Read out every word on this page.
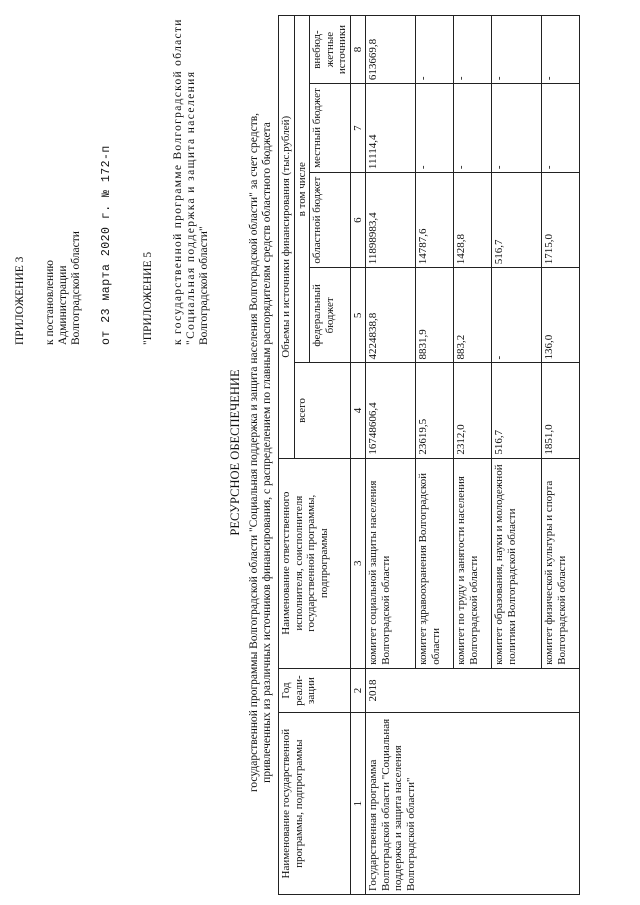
ПРИЛОЖЕНИЕ 3 к постановлению Администрации Волгоградской области от 23 марта 2020 г. № 172-п	"ПРИЛОЖЕНИЕ 5 к государственной программе Волгоградской области "Социальная поддержка и защита населения Волгоградской области"
РЕСУРСНОЕ ОБЕСПЕЧЕНИЕ государственной программы Волгоградской области "Социальная поддержка и защита населения Волгоградской области" за счет средств, привлеченных из различных источников финансирования, с распределением по главным распорядителям средств областного бюджета
Наименование государственной программы, подпрограммы	Год реали- зации	Наименование ответственного исполнителя, соисполнителя государственной программы, подпрограммы	Объемы и источники финансирования (тыс.рублей)				
			всего	в том числе			
				федеральный бюджет	областной бюджет	местный бюджет	внебюд- жетные источники
1	2	3	4	5	6	7	8
Государственная программа Волгоградской области "Социальная поддержка и защита населения Волгоградской области"	2018	комитет социальной защиты населения Волгоградской области	16748606,4	4224838,8	11898983,4	11114,4	613669,8
		комитет здравоохранения Волгоградской области	23619,5	8831,9	14787,6	-	-
		комитет по труду и занятости населения Волгоградской области	2312,0	883,2	1428,8	-	-
		комитет образования, науки и молодежной политики Волгоградской области	516,7	-	516,7	-	-
		комитет физической культуры и спорта Волгоградской области	1851,0	136,0	1715,0	-	-
